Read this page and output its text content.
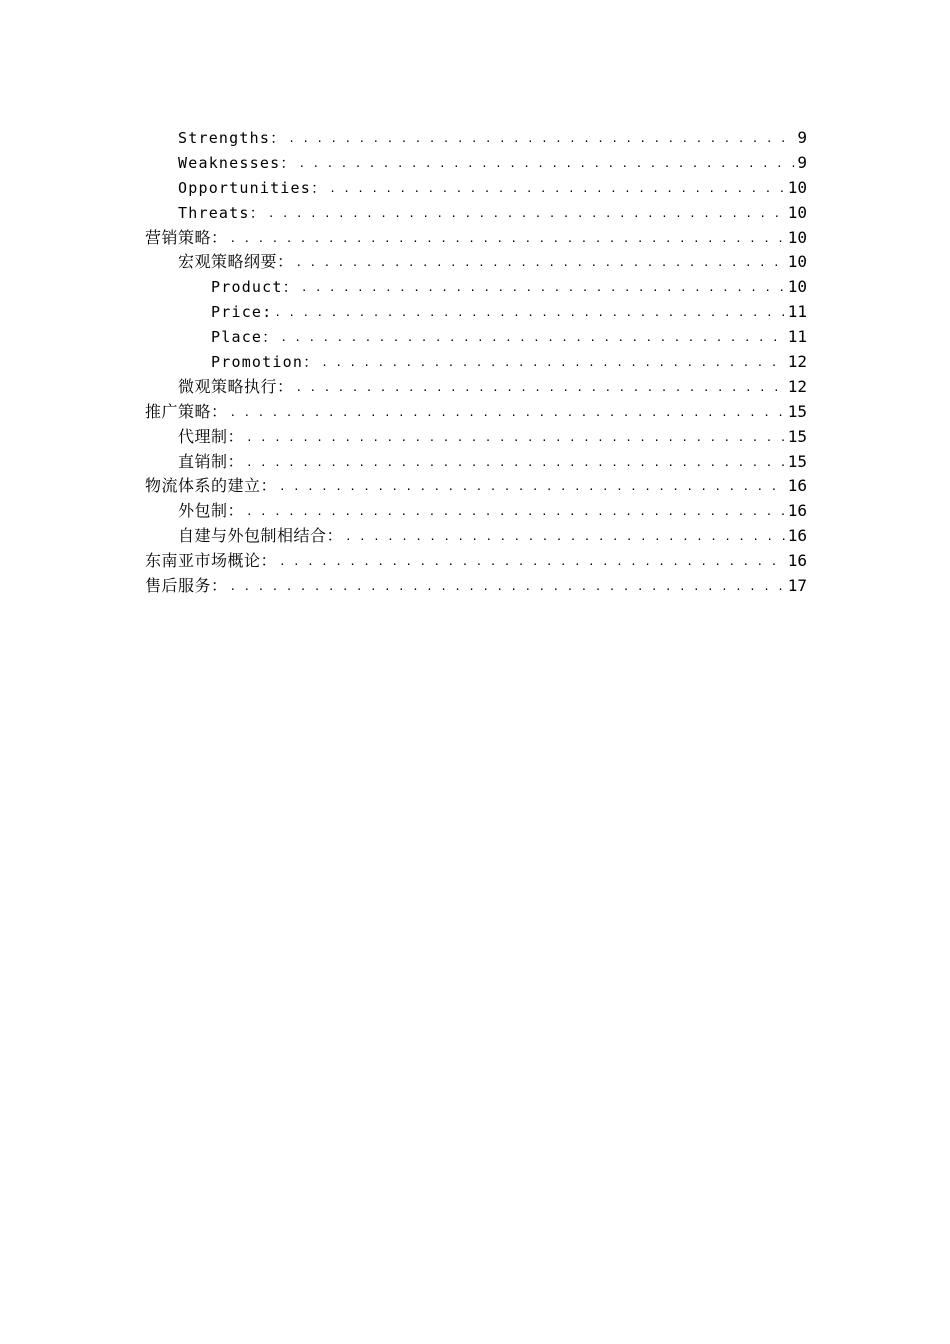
Strengths： . . .	9
Weaknesses： . . .	9
Opportunities： . . .	10
Threats： . . .	10
营销策略： . . .	10
宏观策略纲要： . . .	10
Product： . . .	10
Price: . . .	11
Place： . . .	11
Promotion： . . .	12
微观策略执行： . . .	12
推广策略： . . .	15
代理制： . . .	15
直销制： . . .	15
物流体系的建立： . . .	16
外包制： . . .	16
自建与外包制相结合： . . .	16
东南亚市场概论： . . .	16
售后服务： . . .	17
